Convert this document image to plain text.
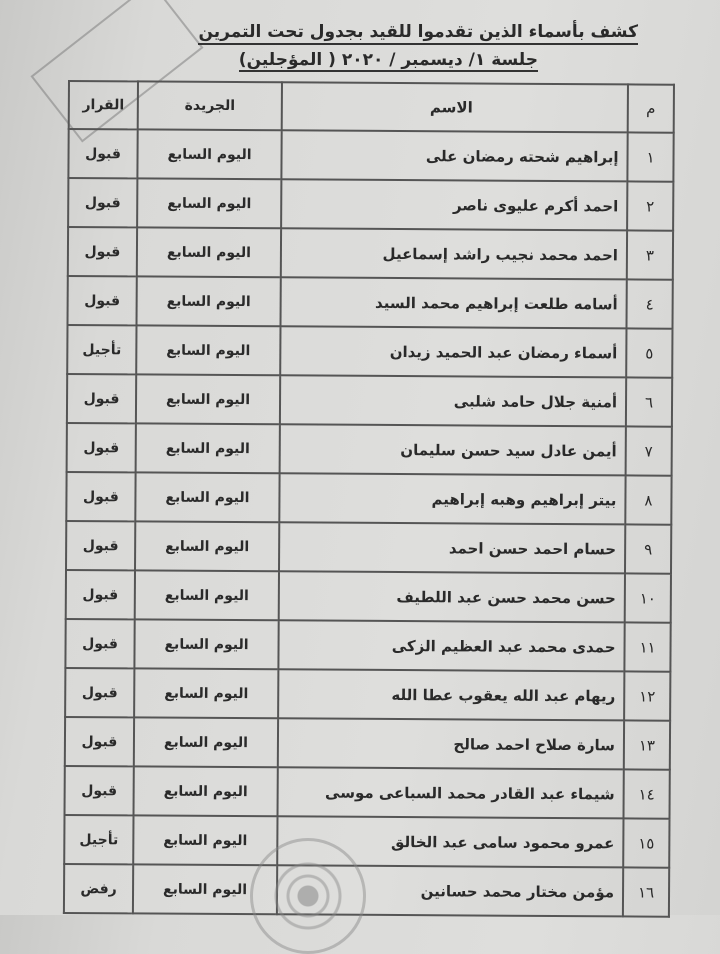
كشف بأسماء الذين تقدموا للقيد بجدول تحت التمرين
جلسة ١/ ديسمبر / ٢٠٢٠ ( المؤجلين)
م	الاسم	الجريدة	القرار
١	إبراهيم شحته رمضان على	اليوم السابع	قبول
٢	احمد أكرم عليوى ناصر	اليوم السابع	قبول
٣	احمد محمد نجيب راشد إسماعيل	اليوم السابع	قبول
٤	أسامه طلعت إبراهيم محمد السيد	اليوم السابع	قبول
٥	أسماء رمضان عبد الحميد زيدان	اليوم السابع	تأجيل
٦	أمنية جلال حامد شلبى	اليوم السابع	قبول
٧	أيمن عادل سيد حسن سليمان	اليوم السابع	قبول
٨	بيتر إبراهيم وهبه إبراهيم	اليوم السابع	قبول
٩	حسام احمد حسن احمد	اليوم السابع	قبول
١٠	حسن محمد حسن عبد اللطيف	اليوم السابع	قبول
١١	حمدى محمد عبد العظيم الزكى	اليوم السابع	قبول
١٢	ريهام عبد الله يعقوب عطا الله	اليوم السابع	قبول
١٣	سارة صلاح احمد صالح	اليوم السابع	قبول
١٤	شيماء عبد القادر محمد السباعى موسى	اليوم السابع	قبول
١٥	عمرو محمود سامى عبد الخالق	اليوم السابع	تأجيل
١٦	مؤمن مختار محمد حسانين	اليوم السابع	رفض
